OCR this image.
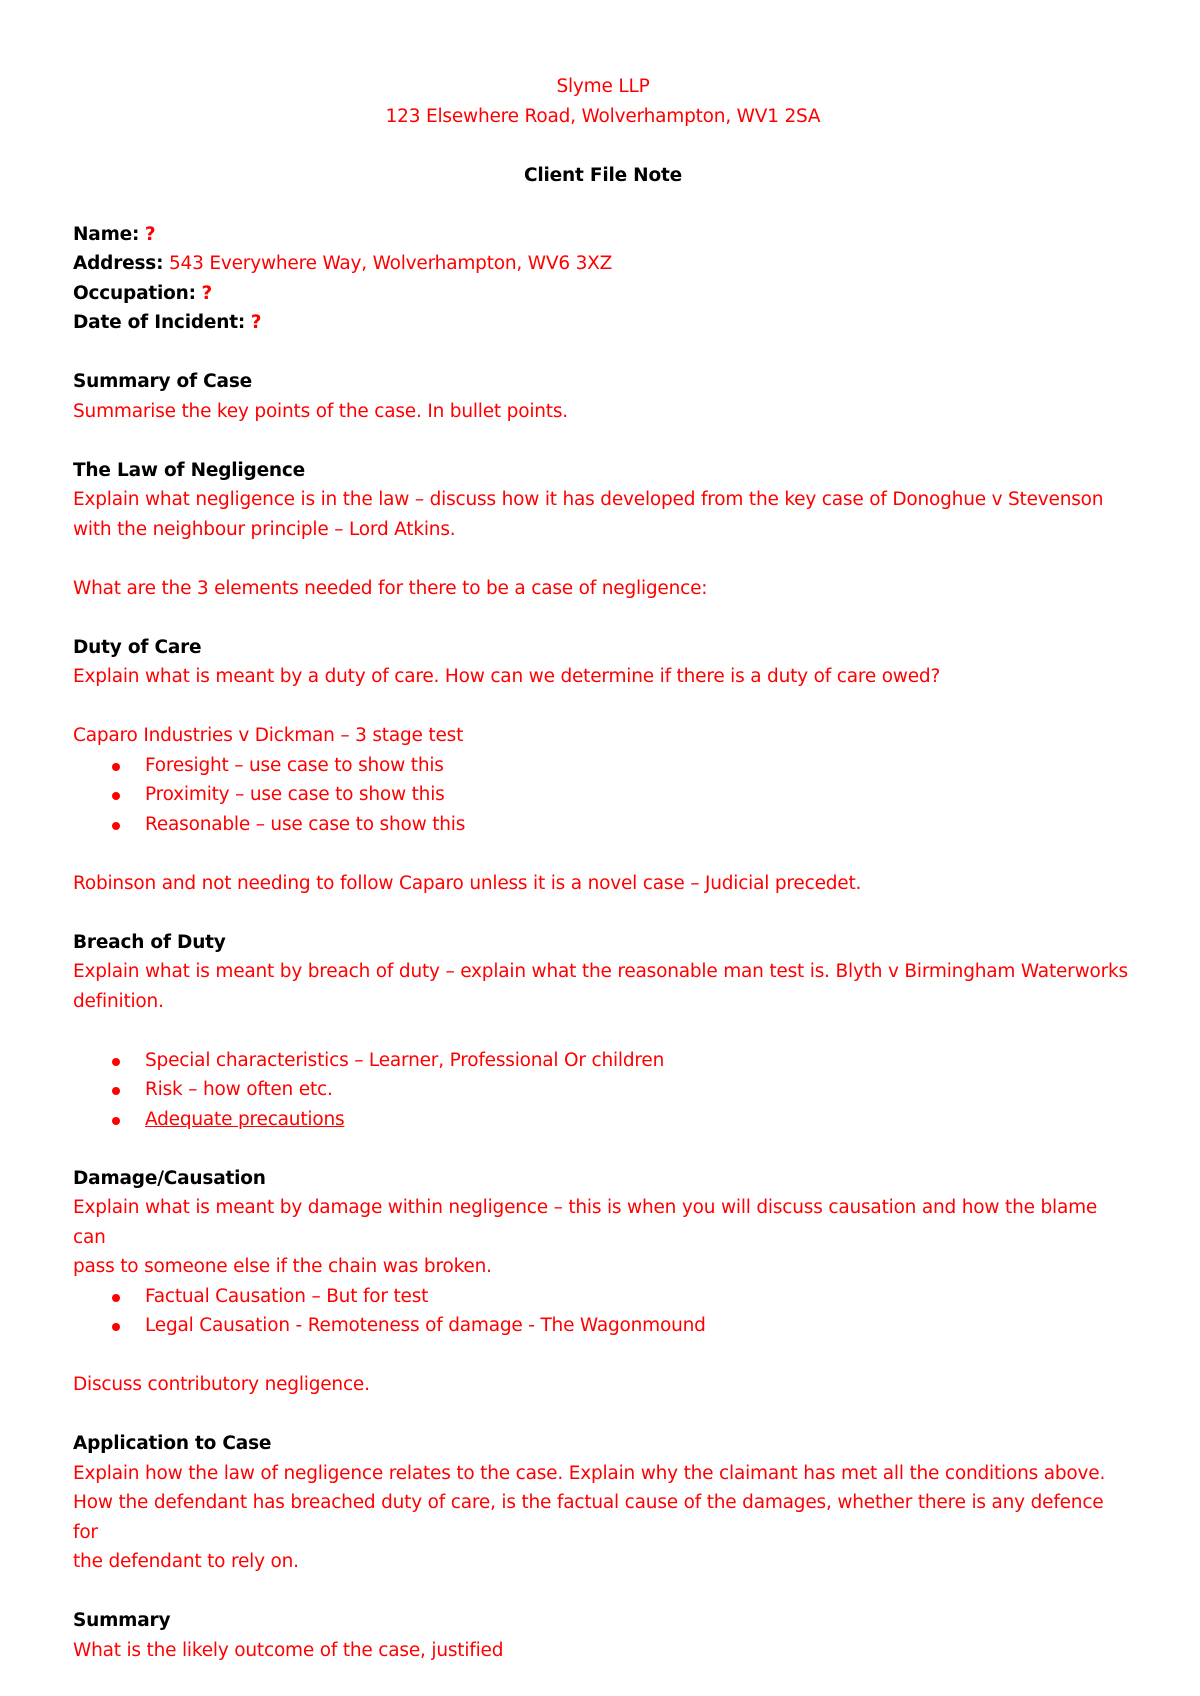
Slyme LLP
123 Elsewhere Road, Wolverhampton, WV1 2SA
Client File Note
Name: ?
Address: 543 Everywhere Way, Wolverhampton, WV6 3XZ
Occupation: ?
Date of Incident: ?
Summary of Case
Summarise the key points of the case. In bullet points.
The Law of Negligence
Explain what negligence is in the law – discuss how it has developed from the key case of Donoghue v Stevenson
with the neighbour principle – Lord Atkins.
What are the 3 elements needed for there to be a case of negligence:
Duty of Care
Explain what is meant by a duty of care. How can we determine if there is a duty of care owed?
Caparo Industries v Dickman – 3 stage test
Foresight – use case to show this
Proximity – use case to show this
Reasonable – use case to show this
Robinson and not needing to follow Caparo unless it is a novel case – Judicial precedet.
Breach of Duty
Explain what is meant by breach of duty – explain what the reasonable man test is. Blyth v Birmingham Waterworks
definition.
Special characteristics – Learner, Professional Or children
Risk – how often etc.
Adequate precautions
Damage/Causation
Explain what is meant by damage within negligence – this is when you will discuss causation and how the blame can
pass to someone else if the chain was broken.
Factual Causation – But for test
Legal Causation - Remoteness of damage - The Wagonmound
Discuss contributory negligence.
Application to Case
Explain how the law of negligence relates to the case. Explain why the claimant has met all the conditions above.
How the defendant has breached duty of care, is the factual cause of the damages, whether there is any defence for
the defendant to rely on.
Summary
What is the likely outcome of the case, justified
